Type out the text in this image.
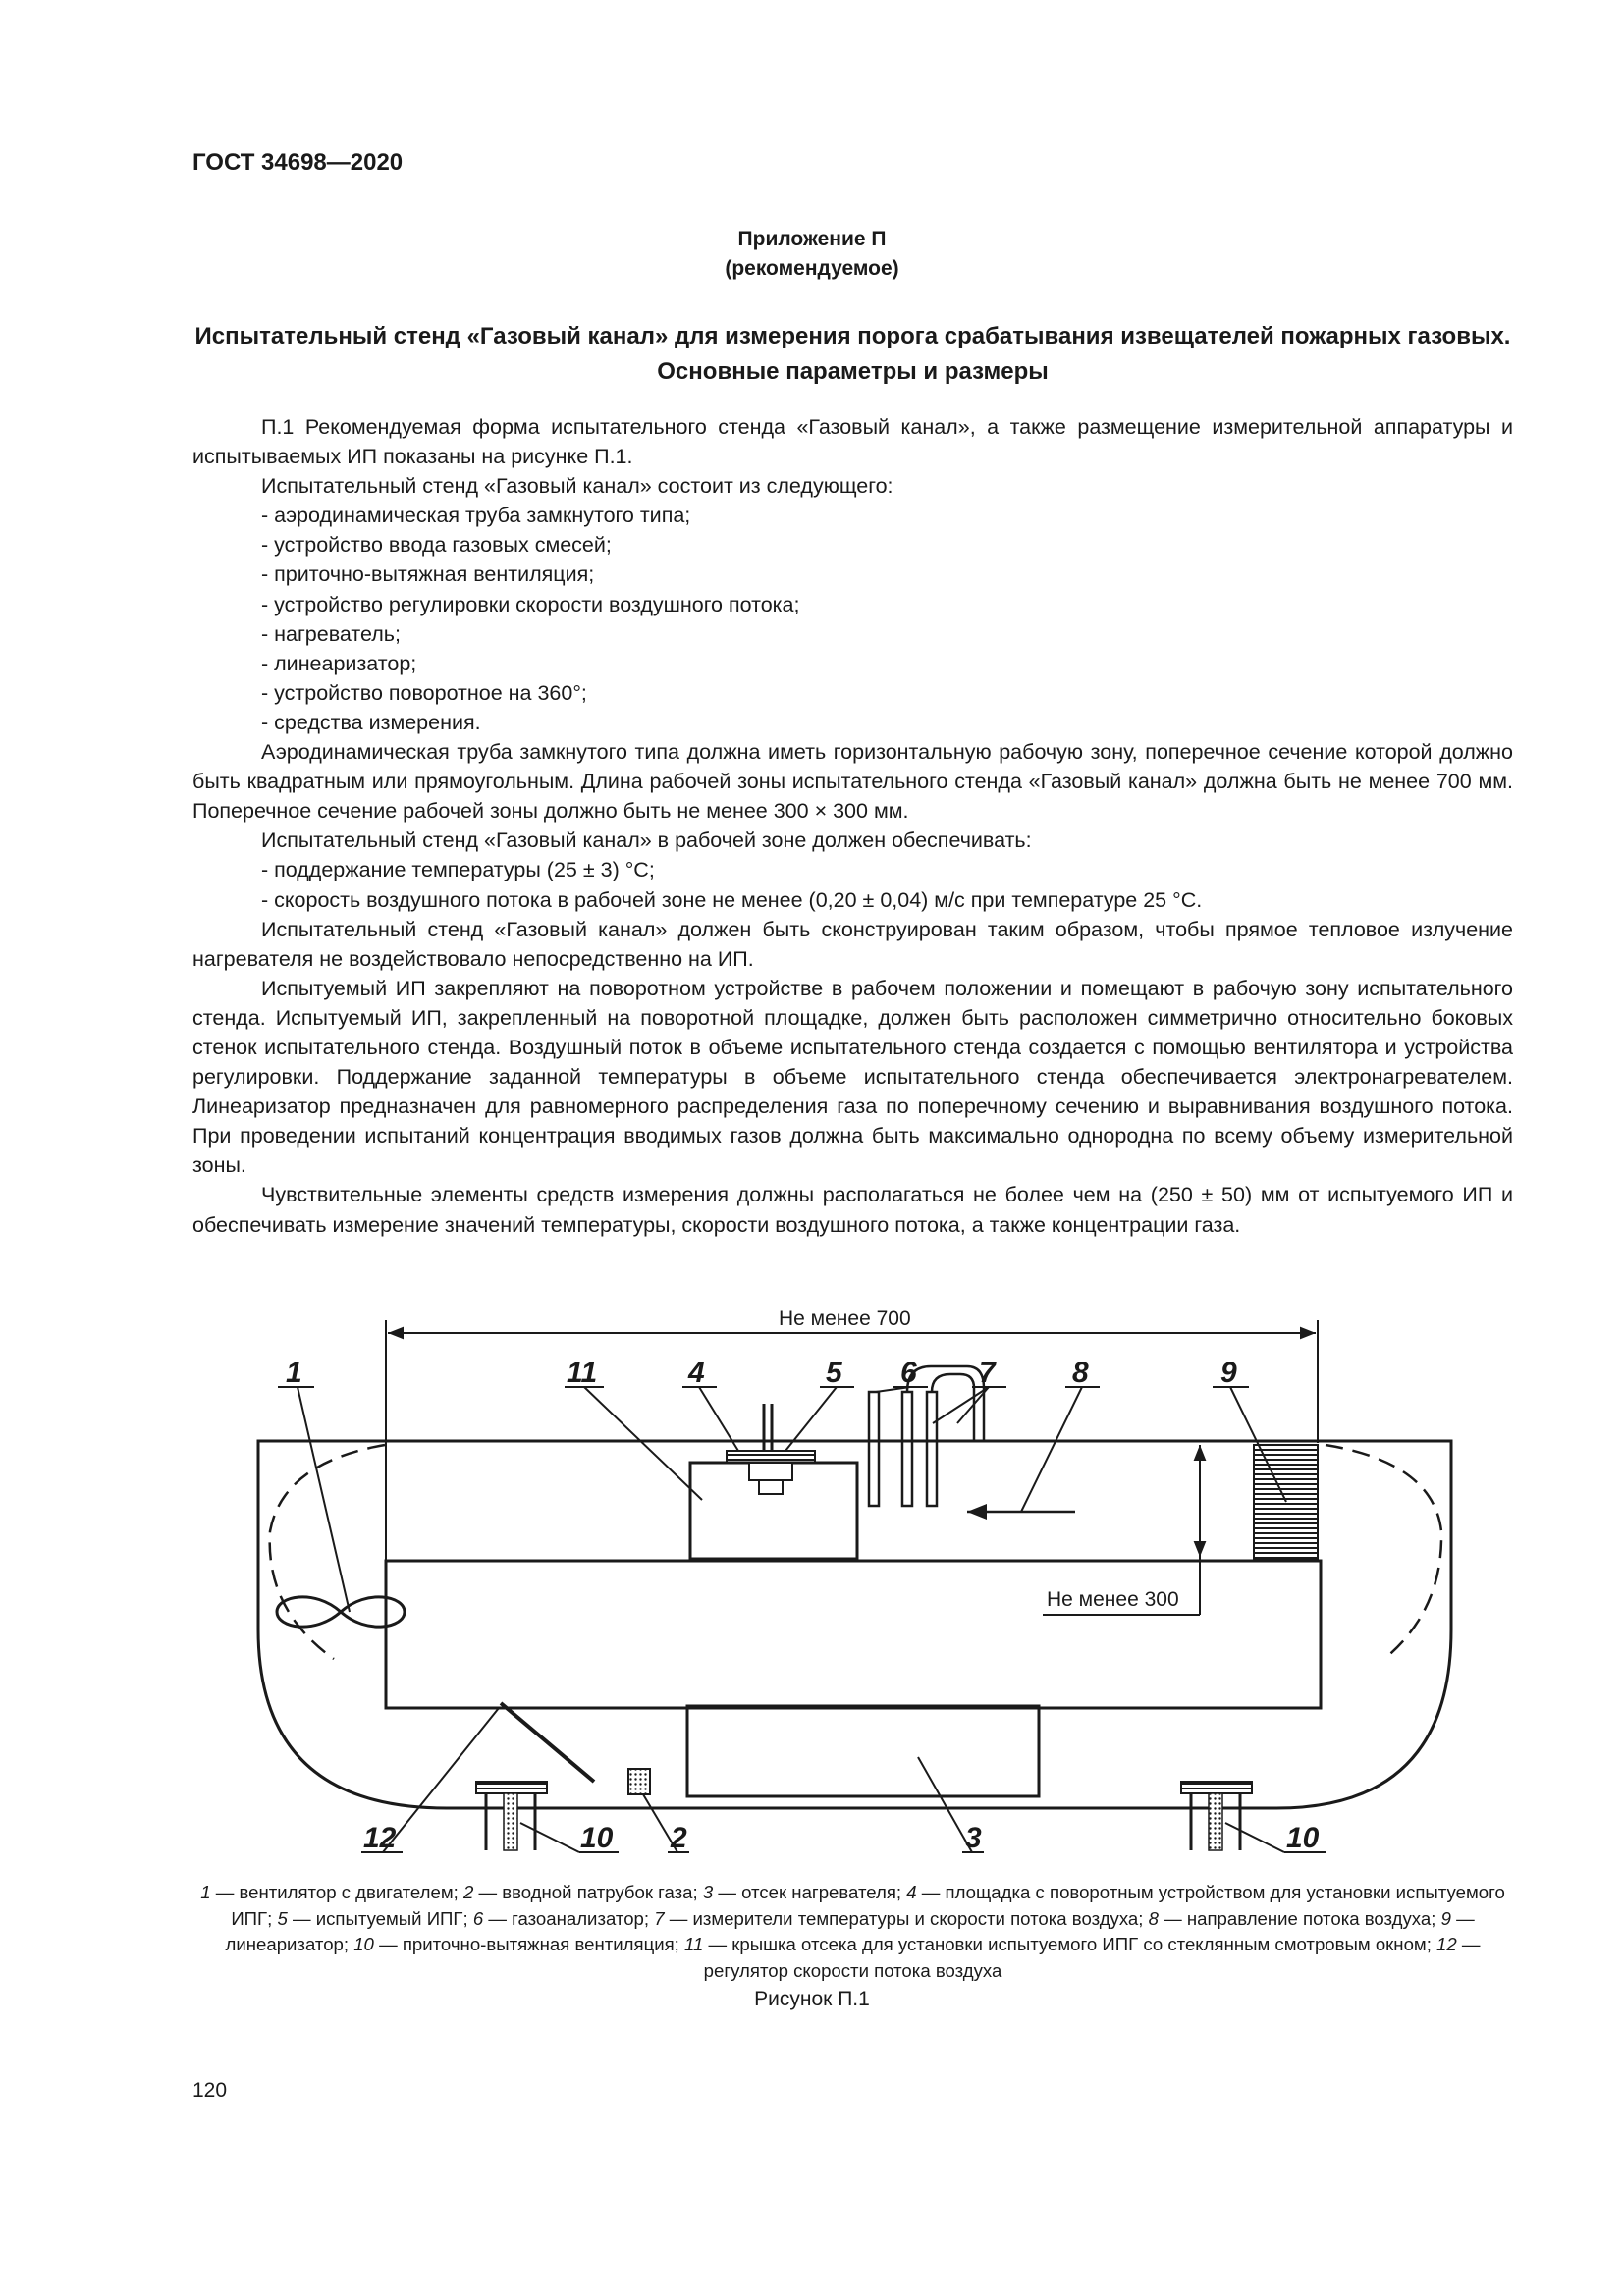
ГОСТ 34698—2020
Приложение П
(рекомендуемое)
Испытательный стенд «Газовый канал» для измерения порога срабатывания извещателей пожарных газовых. Основные параметры и размеры

П.1 Рекомендуемая форма испытательного стенда «Газовый канал», а также размещение измерительной аппаратуры и испытываемых ИП показаны на рисунке П.1.

Испытательный стенд «Газовый канал» состоит из следующего:

- аэродинамическая труба замкнутого типа;

- устройство ввода газовых смесей;

- приточно-вытяжная вентиляция;

- устройство регулировки скорости воздушного потока;

- нагреватель;

- линеаризатор;

- устройство поворотное на 360°;

- средства измерения.

Аэродинамическая труба замкнутого типа должна иметь горизонтальную рабочую зону, поперечное сечение которой должно быть квадратным или прямоугольным. Длина рабочей зоны испытательного стенда «Газовый канал» должна быть не менее 700 мм. Поперечное сечение рабочей зоны должно быть не менее 300 × 300 мм.

Испытательный стенд «Газовый канал» в рабочей зоне должен обеспечивать:

- поддержание температуры (25 ± 3) °С;

- скорость воздушного потока в рабочей зоне не менее (0,20 ± 0,04) м/с при температуре 25 °С.

Испытательный стенд «Газовый канал» должен быть сконструирован таким образом, чтобы прямое тепловое излучение нагревателя не воздействовало непосредственно на ИП.

Испытуемый ИП закрепляют на поворотном устройстве в рабочем положении и помещают в рабочую зону испытательного стенда. Испытуемый ИП, закрепленный на поворотной площадке, должен быть расположен симметрично относительно боковых стенок испытательного стенда. Воздушный поток в объеме испытательного стенда создается с помощью вентилятора и устройства регулировки. Поддержание заданной температуры в объеме испытательного стенда обеспечивается электронагревателем. Линеаризатор предназначен для равномерного распределения газа по поперечному сечению и выравнивания воздушного потока. При проведении испытаний концентрация вводимых газов должна быть максимально однородна по всему объему измерительной зоны.

Чувствительные элементы средств измерения должны располагаться не более чем на (250 ± 50) мм от испытуемого ИП и обеспечивать измерение значений температуры, скорости воздушного потока, а также концентрации газа.

Не менее 300
Не менее 700
1	11	4	5 6 7	8	9
12	10 2	3	10
1 — вентилятор с двигателем; 2 — вводной патрубок газа; 3 — отсек нагревателя; 4 — площадка с поворотным устройством для установки испытуемого ИПГ; 5 — испытуемый ИПГ; 6 — газоанализатор; 7 — измерители температуры и скорости потока воздуха; 8 — направление потока воздуха; 9 — линеаризатор; 10 — приточно-вытяжная вентиляция; 11 — крышка отсека для установки испытуемого ИПГ со стеклянным смотровым окном; 12 — регулятор скорости потока воздуха
Рисунок П.1
120
